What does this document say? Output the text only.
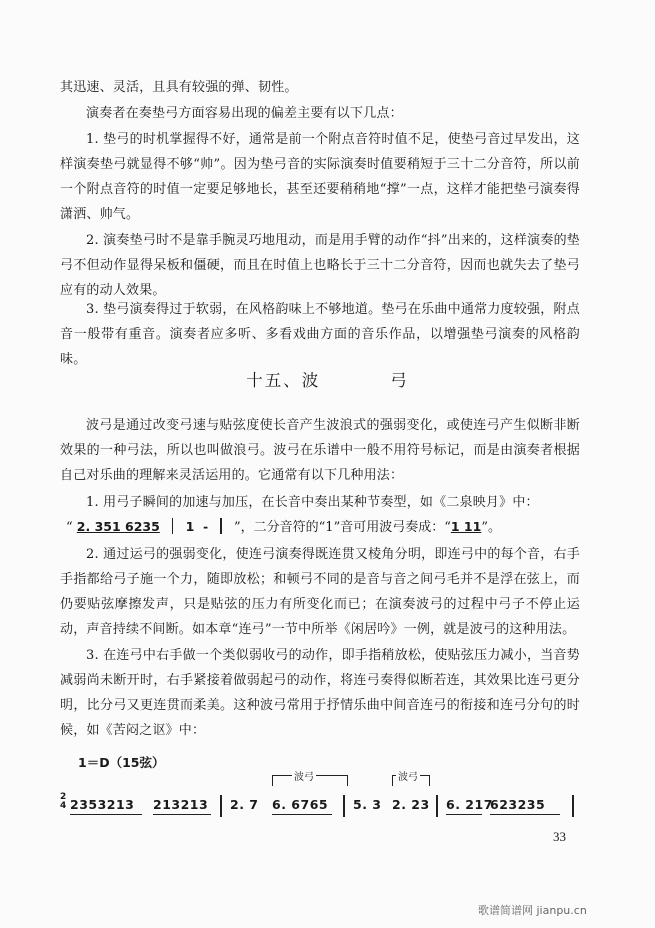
其迅速、灵活，且具有较强的弹、韧性。

演奏者在奏垫弓方面容易出现的偏差主要有以下几点：

1. 垫弓的时机掌握得不好，通常是前一个附点音符时值不足，使垫弓音过早发出，这样演奏垫弓就显得不够“帅”。因为垫弓音的实际演奏时值要稍短于三十二分音符，所以前一个附点音符的时值一定要足够地长，甚至还要稍稍地“撑”一点，这样才能把垫弓演奏得潇洒、帅气。

2. 演奏垫弓时不是靠手腕灵巧地甩动，而是用手臂的动作“抖”出来的，这样演奏的垫弓不但动作显得呆板和僵硬，而且在时值上也略长于三十二分音符，因而也就失去了垫弓应有的动人效果。

3. 垫弓演奏得过于软弱，在风格韵味上不够地道。垫弓在乐曲中通常力度较强，附点音一般带有重音。演奏者应多听、多看戏曲方面的音乐作品，以增强垫弓演奏的风格韵味。

十五、波	弓

波弓是通过改变弓速与贴弦度使长音产生波浪式的强弱变化，或使连弓产生似断非断效果的一种弓法，所以也叫做浪弓。波弓在乐谱中一般不用符号标记，而是由演奏者根据自己对乐曲的理解来灵活运用的。它通常有以下几种用法：

1. 用弓子瞬间的加速与加压，在长音中奏出某种节奏型，如《二泉映月》中：

“ 2. 351 6235 1  - ”，二分音符的“1”音可用波弓奏成：“1 11”。

2. 通过运弓的强弱变化，使连弓演奏得既连贯又棱角分明，即连弓中的每个音，右手手指都给弓子施一个力，随即放松；和顿弓不同的是音与音之间弓毛并不是浮在弦上，而仍要贴弦摩擦发声，只是贴弦的压力有所变化而已；在演奏波弓的过程中弓子不停止运动，声音持续不间断。如本章“连弓”一节中所举《闲居吟》一例，就是波弓的这种用法。

3. 在连弓中右手做一个类似弱收弓的动作，即手指稍放松，使贴弦压力减小，当音势减弱尚未断开时，右手紧接着做弱起弓的动作，将连弓奏得似断若连，其效果比连弓更分明，比分弓又更连贯而柔美。这种波弓常用于抒情乐曲中间音连弓的衔接和连弓分句的时候，如《苦闷之讴》中：

1＝D（15弦）
2
4 2353213 213213 2. 7 6. 6765 5. 3 2. 23 6. 217
623235
波弓	波弓
33
歌谱简谱网 jianpu.cn
